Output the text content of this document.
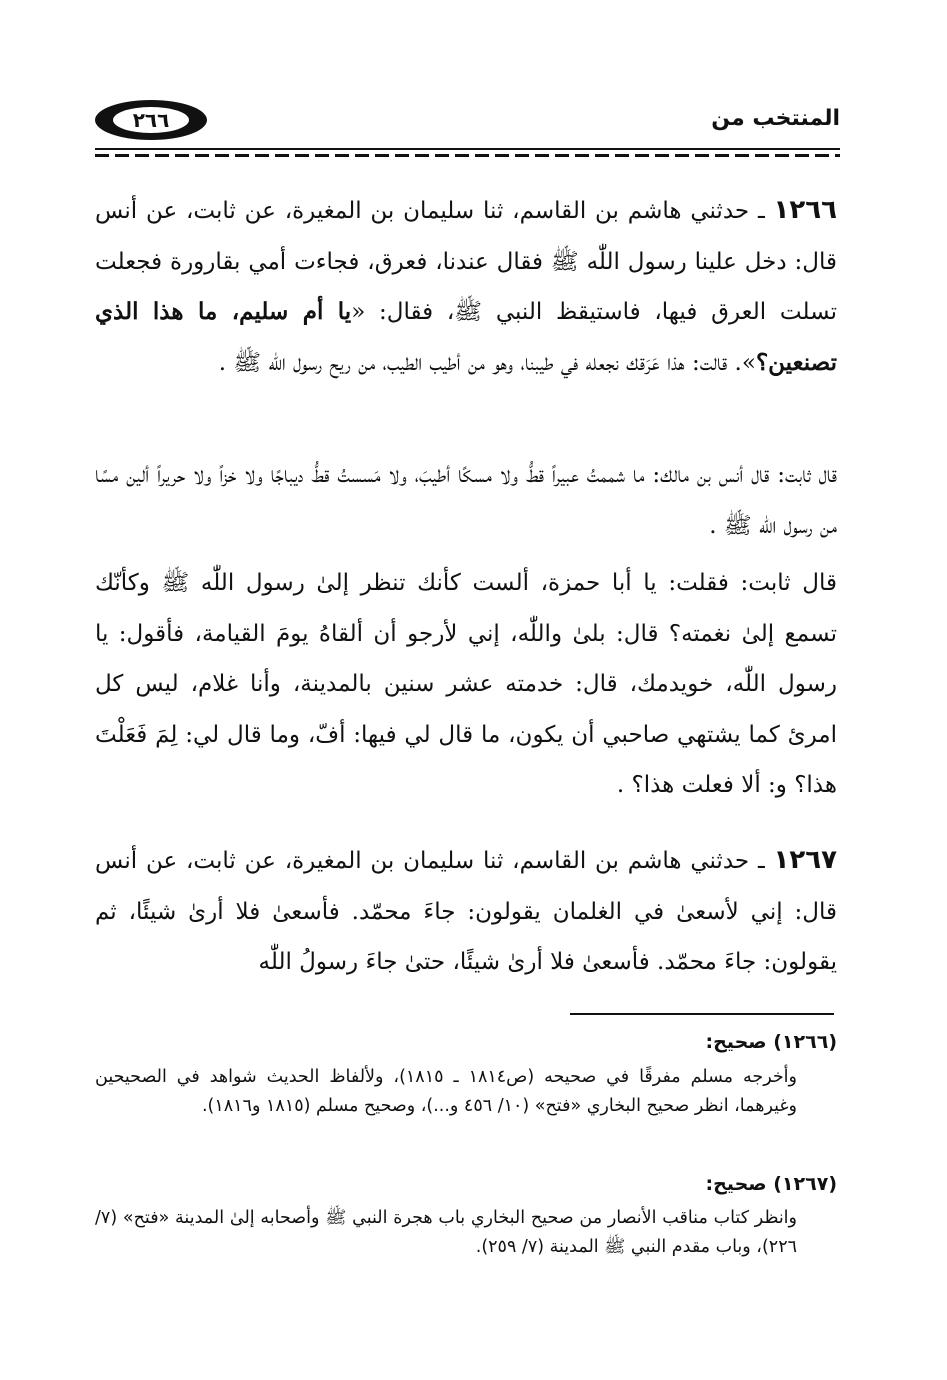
٢٦٦	المنتخب من

١٢٦٦ ـ حدثني هاشم بن القاسم، ثنا سليمان بن المغيرة، عن ثابت، عن أنس قال: دخل علينا رسول اللّٰه ﷺ فقال عندنا، فعرق، فجاءت أمي بقارورة فجعلت تسلت العرق فيها، فاستيقظ النبي ﷺ، فقال: «يا أم سليم، ما هذا الذي تصنعين؟». قالت: هذا عَرَقك نجعله في طيبنا، وهو من أطيب الطيب، من ريح رسول اللّٰه ﷺ .

قال ثابت: قال أنس بن مالك: ما شممتُ عبيراً قطُّ ولا مسكًا أطيبَ، ولا مَسستُ قطُّ ديباجًا ولا خزاً ولا حريراً ألين مسًا من رسول اللّٰه ﷺ .

قال ثابت: فقلت: يا أبا حمزة، ألست كأنك تنظر إلىٰ رسول اللّٰه ﷺ وكأنّك تسمع إلىٰ نغمته؟ قال: بلىٰ واللّٰه، إني لأرجو أن ألقاهُ يومَ القيامة، فأقول: يا رسول اللّٰه، خويدمك، قال: خدمته عشر سنين بالمدينة، وأنا غلام، ليس كل امرئ كما يشتهي صاحبي أن يكون، ما قال لي فيها: أفّ، وما قال لي: لِمَ فَعَلْتَ هذا؟ و: ألا فعلت هذا؟ .

١٢٦٧ ـ حدثني هاشم بن القاسم، ثنا سليمان بن المغيرة، عن ثابت، عن أنس قال: إني لأسعىٰ في الغلمان يقولون: جاءَ محمّد. فأسعىٰ فلا أرىٰ شيئًا، ثم يقولون: جاءَ محمّد. فأسعىٰ فلا أرىٰ شيئًا، حتىٰ جاءَ رسولُ اللّٰه

(١٢٦٦) صحيح:
وأخرجه مسلم مفرقًا في صحيحه (ص١٨١٤ ـ ١٨١٥)، ولألفاظ الحديث شواهد في الصحيحين وغيرهما، انظر صحيح البخاري «فتح» (١٠/ ٤٥٦ و...)، وصحيح مسلم (١٨١٥ و١٨١٦).
(١٢٦٧) صحيح:
وانظر كتاب مناقب الأنصار من صحيح البخاري باب هجرة النبي ﷺ وأصحابه إلىٰ المدينة «فتح» (٧/ ٢٢٦)، وباب مقدم النبي ﷺ المدينة (٧/ ٢٥٩).
